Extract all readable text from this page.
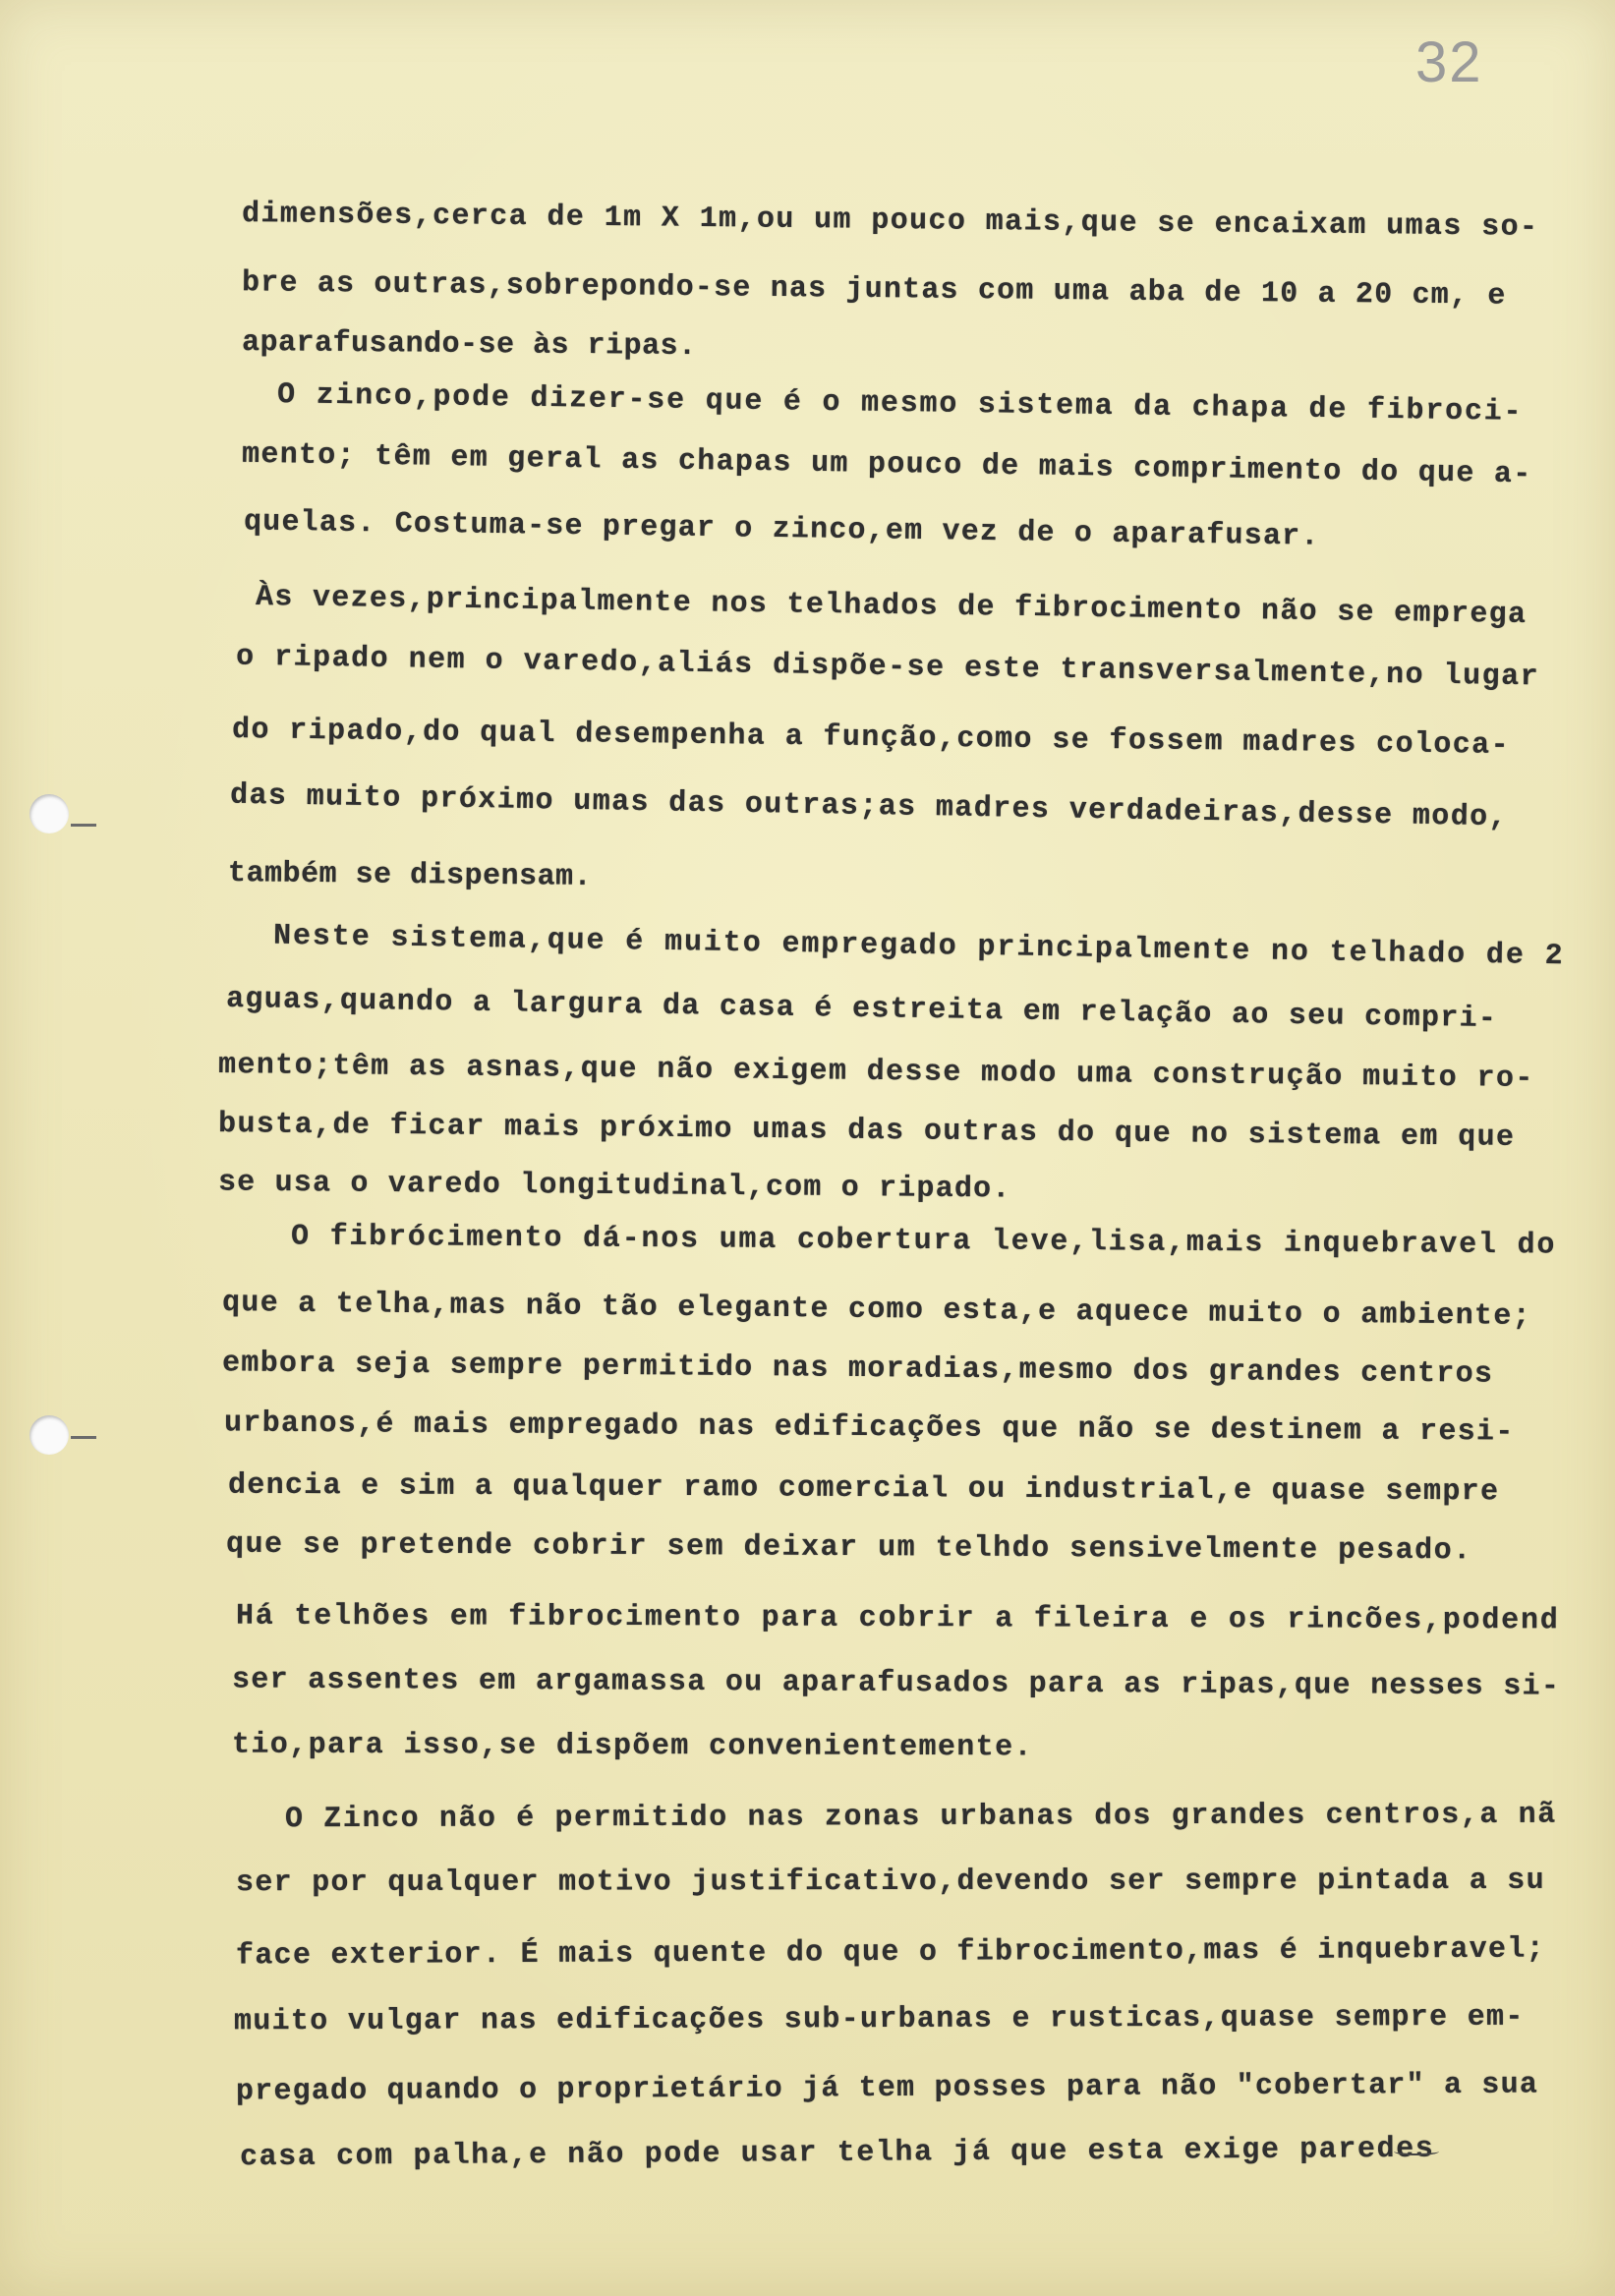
32
dimensões,cerca de 1m X 1m,ou um pouco mais,que se encaixam umas so-
bre as outras,sobrepondo-se nas juntas com uma aba de 10 a 20 cm, e
aparafusando-se às ripas.
O zinco,pode dizer-se que é o mesmo sistema da chapa de fibroci-
mento; têm em geral as chapas um pouco de mais comprimento do que a-
quelas. Costuma-se pregar o zinco,em vez de o aparafusar.
Às vezes,principalmente nos telhados de fibrocimento não se emprega
o ripado nem o varedo,aliás dispõe-se este transversalmente,no lugar
do ripado,do qual desempenha a função,como se fossem madres coloca-
das muito próximo umas das outras;as madres verdadeiras,desse modo,
também se dispensam.
Neste sistema,que é muito empregado principalmente no telhado de 2
aguas,quando a largura da casa é estreita em relação ao seu compri-
mento;têm as asnas,que não exigem desse modo uma construção muito ro-
busta,de ficar mais próximo umas das outras do que no sistema em que
se usa o varedo longitudinal,com o ripado.
O fibrócimento dá-nos uma cobertura leve,lisa,mais inquebravel do
que a telha,mas não tão elegante como esta,e aquece muito o ambiente;
embora seja sempre permitido nas moradias,mesmo dos grandes centros
urbanos,é mais empregado nas edificações que não se destinem a resi-
dencia e sim a qualquer ramo comercial ou industrial,e quase sempre
que se pretende cobrir sem deixar um telhdo sensivelmente pesado.
Há telhões em fibrocimento para cobrir a fileira e os rincões,podend
ser assentes em argamassa ou aparafusados para as ripas,que nesses si-
tio,para isso,se dispõem convenientemente.
O Zinco não é permitido nas zonas urbanas dos grandes centros,a nã
ser por qualquer motivo justificativo,devendo ser sempre pintada a su
face exterior. É mais quente do que o fibrocimento,mas é inquebravel;
muito vulgar nas edificações sub-urbanas e rusticas,quase sempre em-
pregado quando o proprietário já tem posses para não "cobertar" a sua
casa com palha,e não pode usar telha já que esta exige paredes
